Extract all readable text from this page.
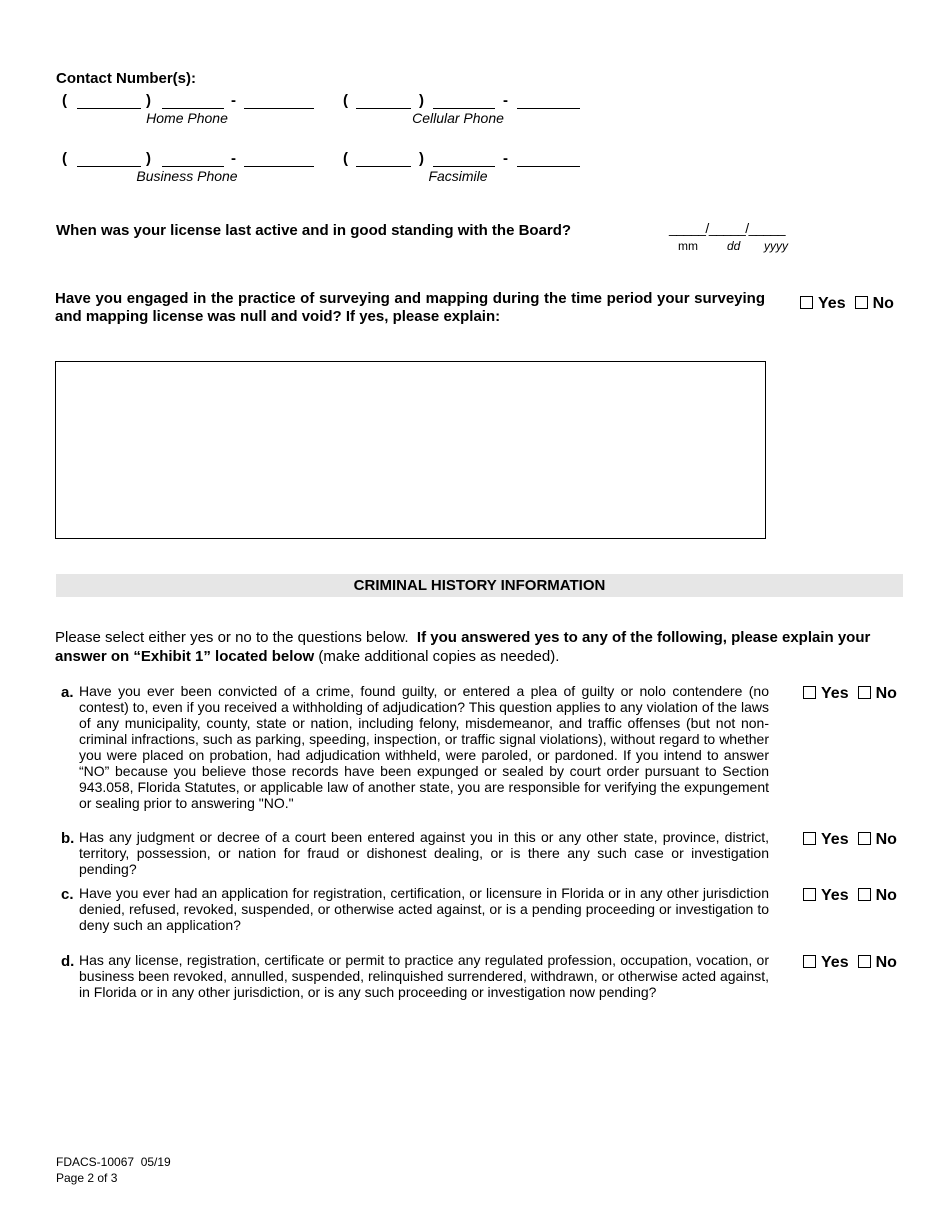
Contact Number(s):
(	)	-
Home Phone
(	)	-
Cellular Phone
(	)	-
Business Phone
(	)	-
Facsimile
When was your license last active and in good standing with the Board?	_____/_____/_____
mm dd yyyy
Have you engaged in the practice of surveying and mapping during the time period your surveying and mapping license was null and void? If yes, please explain:
Yes No
CRIMINAL HISTORY INFORMATION
Please select either yes or no to the questions below. If you answered yes to any of the following, please explain your answer on “Exhibit 1” located below (make additional copies as needed).
a. Have you ever been convicted of a crime, found guilty, or entered a plea of guilty or nolo contendere (no contest) to, even if you received a withholding of adjudication? This question applies to any violation of the laws of any municipality, county, state or nation, including felony, misdemeanor, and traffic offenses (but not non-criminal infractions, such as parking, speeding, inspection, or traffic signal violations), without regard to whether you were placed on probation, had adjudication withheld, were paroled, or pardoned. If you intend to answer “NO” because you believe those records have been expunged or sealed by court order pursuant to Section 943.058, Florida Statutes, or applicable law of another state, you are responsible for verifying the expungement or sealing prior to answering "NO."
Yes No
b. Has any judgment or decree of a court been entered against you in this or any other state, province, district, territory, possession, or nation for fraud or dishonest dealing, or is there any such case or investigation pending?
Yes No
c. Have you ever had an application for registration, certification, or licensure in Florida or in any other jurisdiction denied, refused, revoked, suspended, or otherwise acted against, or is a pending proceeding or investigation to deny such an application?
Yes No
d. Has any license, registration, certificate or permit to practice any regulated profession, occupation, vocation, or business been revoked, annulled, suspended, relinquished surrendered, withdrawn, or otherwise acted against, in Florida or in any other jurisdiction, or is any such proceeding or investigation now pending?
Yes No
FDACS-10067  05/19
Page 2 of 3
